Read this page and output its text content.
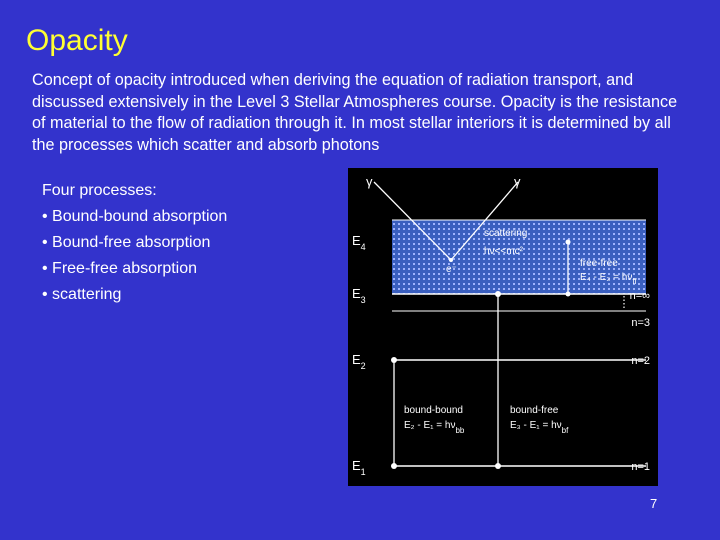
Opacity
Concept of opacity introduced when deriving the equation of radiation transport, and discussed extensively in the Level 3 Stellar Atmospheres course. Opacity is the resistance of material to the flow of radiation through it. In most stellar interiors it is determined by all the processes which scatter and absorb photons
Four processes:
• Bound-bound absorption
• Bound-free absorption
• Free-free absorption
• scattering
γ	γ
$E_4$
$E_3$
$E_2$
$E_1$
n=∞
n=3
n=2
n=1
scattering
hν<<mc²
e⁻
free-free
$E_4 - E_3 = h\nu_{ff}$
bound-bound
$E_2 - E_1 = h\nu_{bb}$
bound-free
$E_3 - E_1 = h\nu_{bf}$
7
